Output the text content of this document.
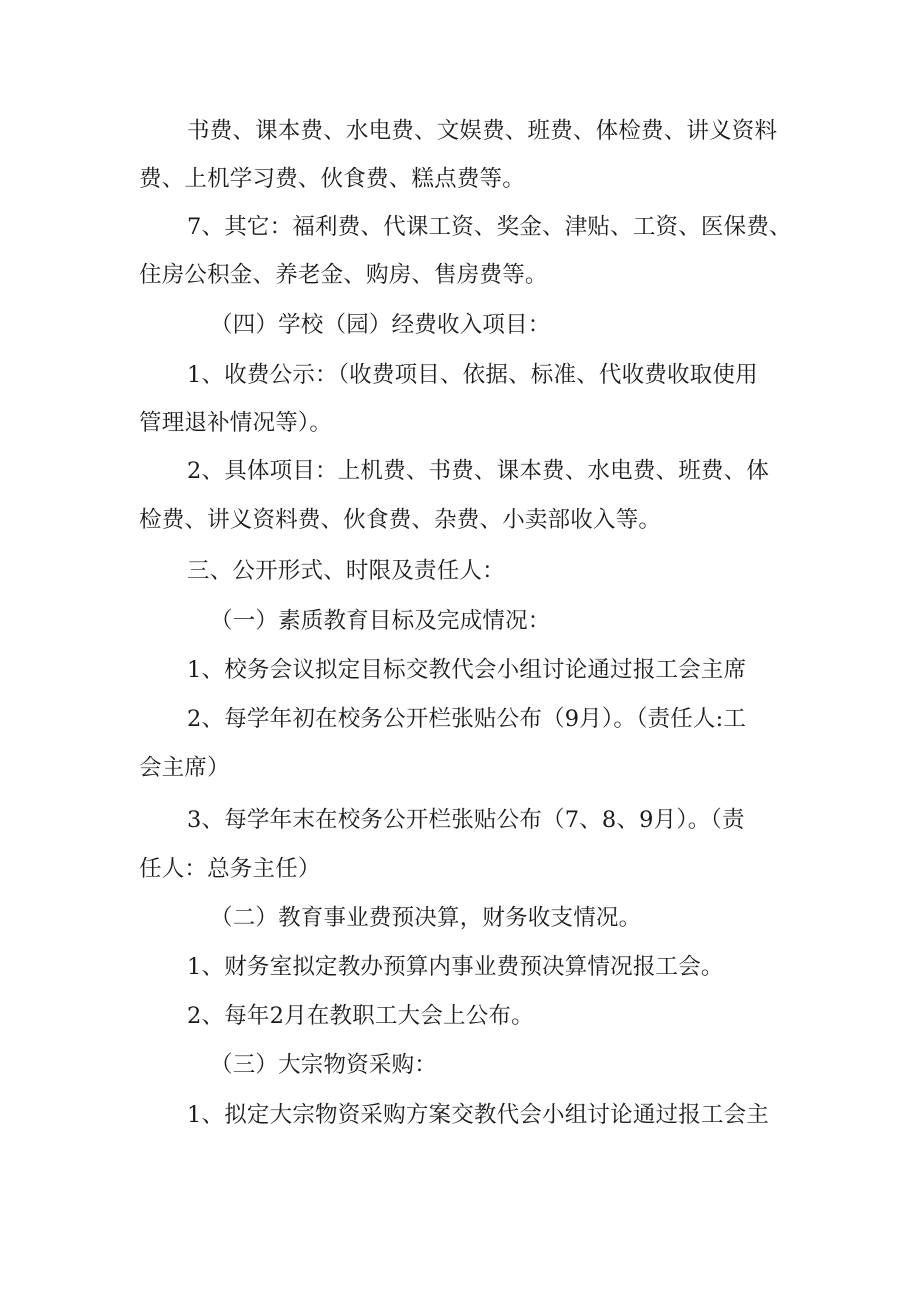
书费、课本费、水电费、文娱费、班费、体检费、讲义资料
费、上机学习费、伙食费、糕点费等。
7、其它：福利费、代课工资、奖金、津贴、工资、医保费、
住房公积金、养老金、购房、售房费等。
（四）学校（园）经费收入项目：
1、收费公示：（收费项目、依据、标准、代收费收取使用
管理退补情况等）。
2、具体项目：上机费、书费、课本费、水电费、班费、体
检费、讲义资料费、伙食费、杂费、小卖部收入等。
三、公开形式、时限及责任人：
（一）素质教育目标及完成情况：
1、校务会议拟定目标交教代会小组讨论通过报工会主席
2、每学年初在校务公开栏张贴公布（9月）。（责任人:工
会主席）
3、每学年末在校务公开栏张贴公布（7、8、9月）。（责
任人：总务主任）
（二）教育事业费预决算，财务收支情况。
1、财务室拟定教办预算内事业费预决算情况报工会。
2、每年2月在教职工大会上公布。
（三）大宗物资采购：
1、拟定大宗物资采购方案交教代会小组讨论通过报工会主
